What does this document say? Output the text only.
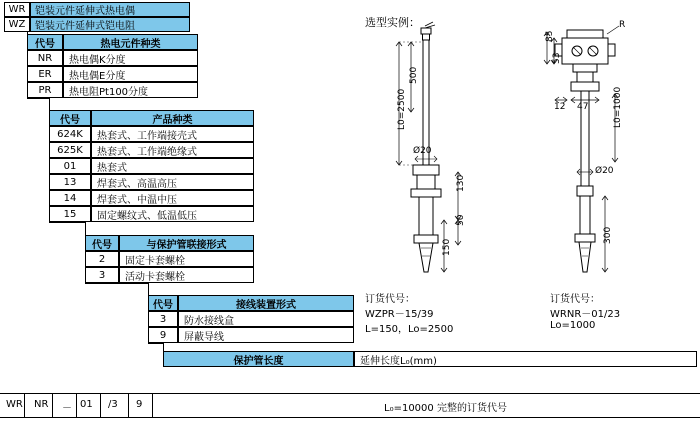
WR 铠装元件延伸式热电偶
WZ 铠装元件延伸式铠电阻
代号	热电元件种类
NR 热电偶K分度
ER 热电偶E分度
PR 热电阻Pt100分度
代号	产品种类
624K 热套式、工作端接壳式
625K 热套式、工作端绝缘式
01 热套式
13 焊套式、高温高压
14 焊套式、中温中压
15 固定螺纹式、低温低压
代号	与保护管联接形式
2 固定卡套螺栓
3 活动卡套螺栓
代号	接线装置形式
3 防水接线盒
9 屏蔽导线
保护管长度	延伸长度L₀(mm)
WR NR － 01 /3 9	L₀=10000 完整的订货代号
选型实例：
500
L0=2500
Ø20
130
50
150
85
53
R
12 47	L0=1000
Ø20
300
订货代号：
WZPR－15/39
L=150，Lo=2500
订货代号：
WRNR－01/23
Lo=1000
